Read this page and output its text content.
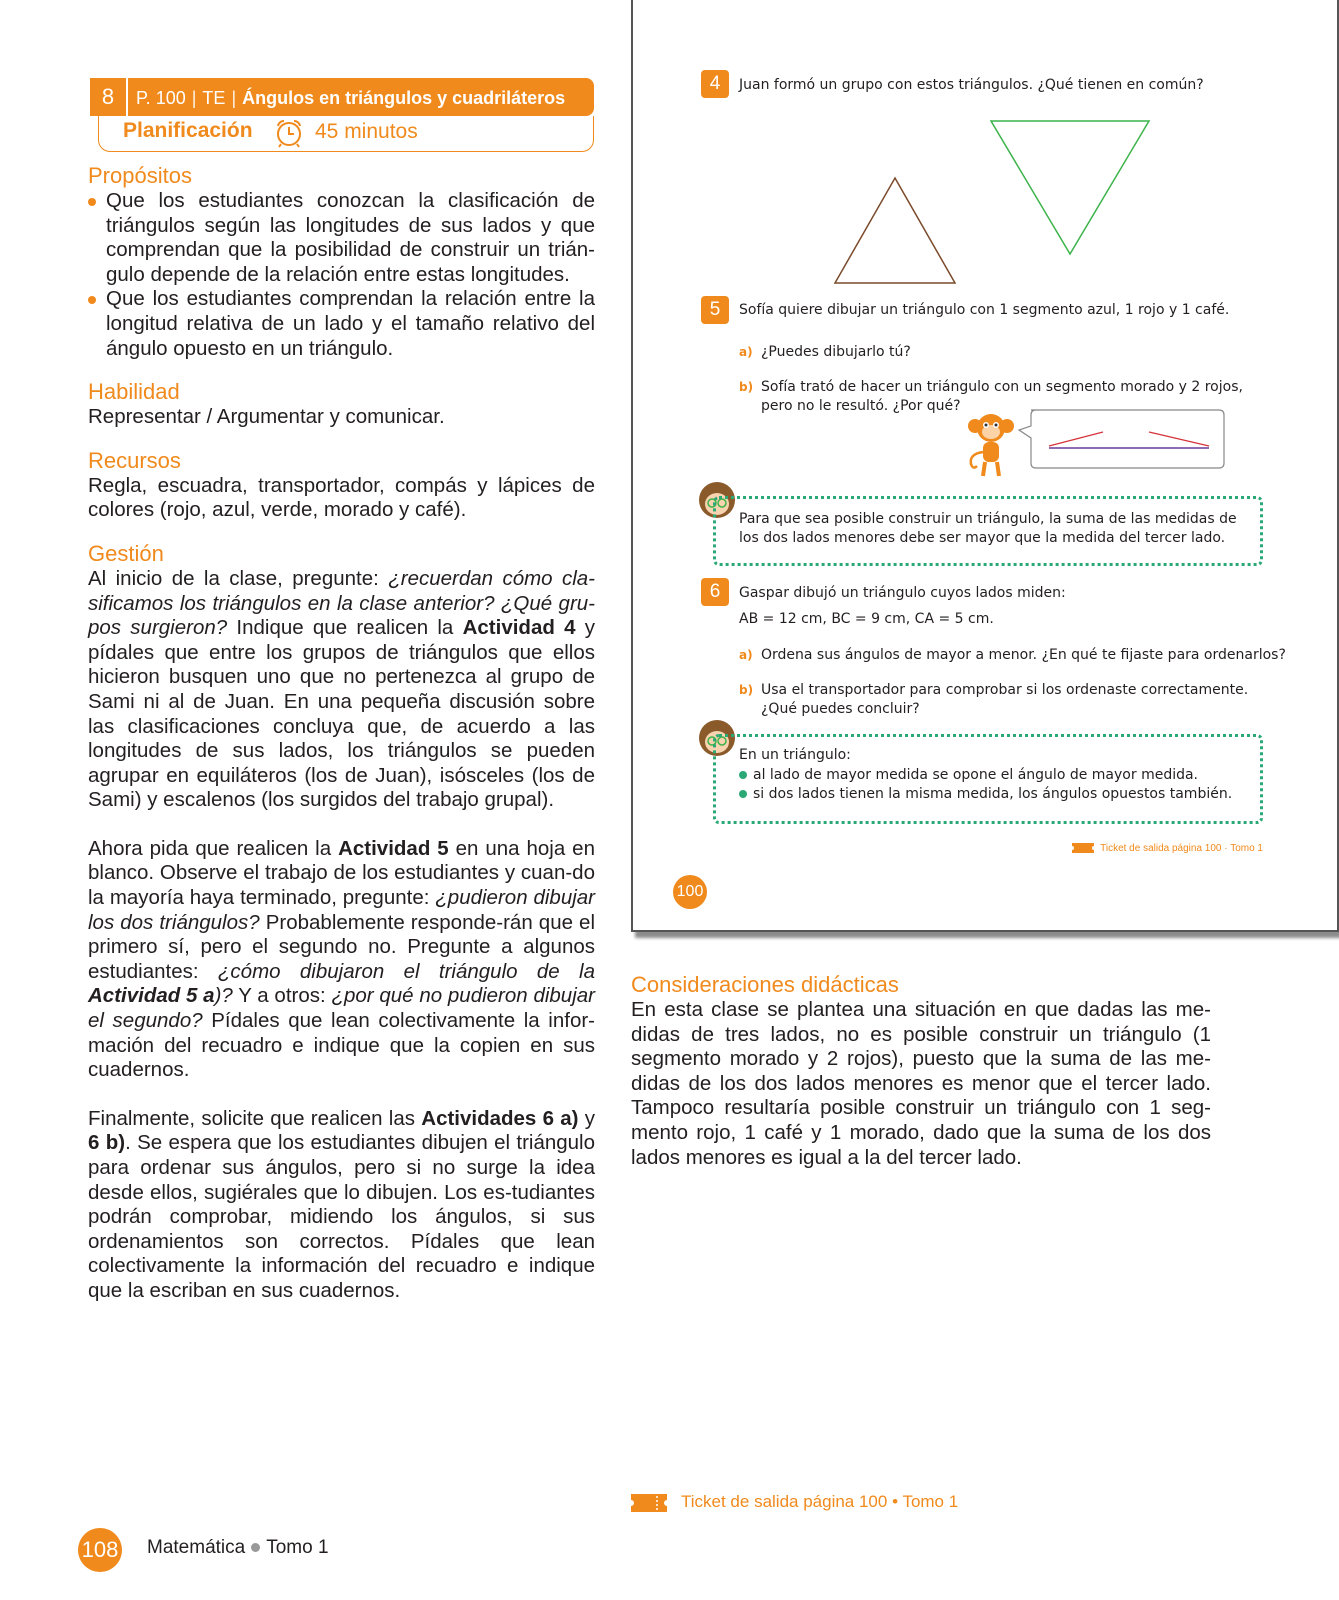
8	P. 100 | TE | Ángulos en triángulos y cuadriláteros
Planificación	45 minutos
Propósitos
Que los estudiantes conozcan la clasificación de triángulos según las longitudes de sus lados y que comprendan que la posibilidad de construir un trián-gulo depende de la relación entre estas longitudes.
Que los estudiantes comprendan la relación entre la longitud relativa de un lado y el tamaño relativo del ángulo opuesto en un triángulo.
Habilidad
Representar / Argumentar y comunicar.
Recursos
Regla, escuadra, transportador, compás y lápices de colores (rojo, azul, verde, morado y café).
Gestión
Al inicio de la clase, pregunte: ¿recuerdan cómo cla-sificamos los triángulos en la clase anterior? ¿Qué gru-pos surgieron? Indique que realicen la Actividad 4 y pídales que entre los grupos de triángulos que ellos hicieron busquen uno que no pertenezca al grupo de Sami ni al de Juan. En una pequeña discusión sobre las clasificaciones concluya que, de acuerdo a las longitudes de sus lados, los triángulos se pueden agrupar en equiláteros (los de Juan), isósceles (los de Sami) y escalenos (los surgidos del trabajo grupal).
Ahora pida que realicen la Actividad 5 en una hoja en blanco. Observe el trabajo de los estudiantes y cuan-do la mayoría haya terminado, pregunte: ¿pudieron dibujar los dos triángulos? Probablemente responde-rán que el primero sí, pero el segundo no. Pregunte a algunos estudiantes: ¿cómo dibujaron el triángulo de la Actividad 5 a)? Y a otros: ¿por qué no pudieron dibujar el segundo? Pídales que lean colectivamente la infor-mación del recuadro e indique que la copien en sus cuadernos.
Finalmente, solicite que realicen las Actividades 6 a) y 6 b). Se espera que los estudiantes dibujen el triángulo para ordenar sus ángulos, pero si no surge la idea desde ellos, sugiérales que lo dibujen. Los es-tudiantes podrán comprobar, midiendo los ángulos, si sus ordenamientos son correctos. Pídales que lean colectivamente la información del recuadro e indique que la escriban en sus cuadernos.
4	Juan formó un grupo con estos triángulos. ¿Qué tienen en común?
5	Sofía quiere dibujar un triángulo con 1 segmento azul, 1 rojo y 1 café.
a) ¿Puedes dibujarlo tú?
b) Sofía trató de hacer un triángulo con un segmento morado y 2 rojos, pero no le resultó. ¿Por qué?
Para que sea posible construir un triángulo, la suma de las medidas de los dos lados menores debe ser mayor que la medida del tercer lado.
6	Gaspar dibujó un triángulo cuyos lados miden:
AB = 12 cm, BC = 9 cm, CA = 5 cm.
a) Ordena sus ángulos de mayor a menor. ¿En qué te fijaste para ordenarlos?
b) Usa el transportador para comprobar si los ordenaste correctamente. ¿Qué puedes concluir?
En un triángulo:
al lado de mayor medida se opone el ángulo de mayor medida.
si dos lados tienen la misma medida, los ángulos opuestos también.
Ticket de salida página 100 · Tomo 1
100
Consideraciones didácticas
En esta clase se plantea una situación en que dadas las me-didas de tres lados, no es posible construir un triángulo (1 segmento morado y 2 rojos), puesto que la suma de las me-didas de los dos lados menores es menor que el tercer lado. Tampoco resultaría posible construir un triángulo con 1 seg-mento rojo, 1 café y 1 morado, dado que la suma de los dos lados menores es igual a la del tercer lado.
Ticket de salida página 100 • Tomo 1
108 Matemática Tomo 1
